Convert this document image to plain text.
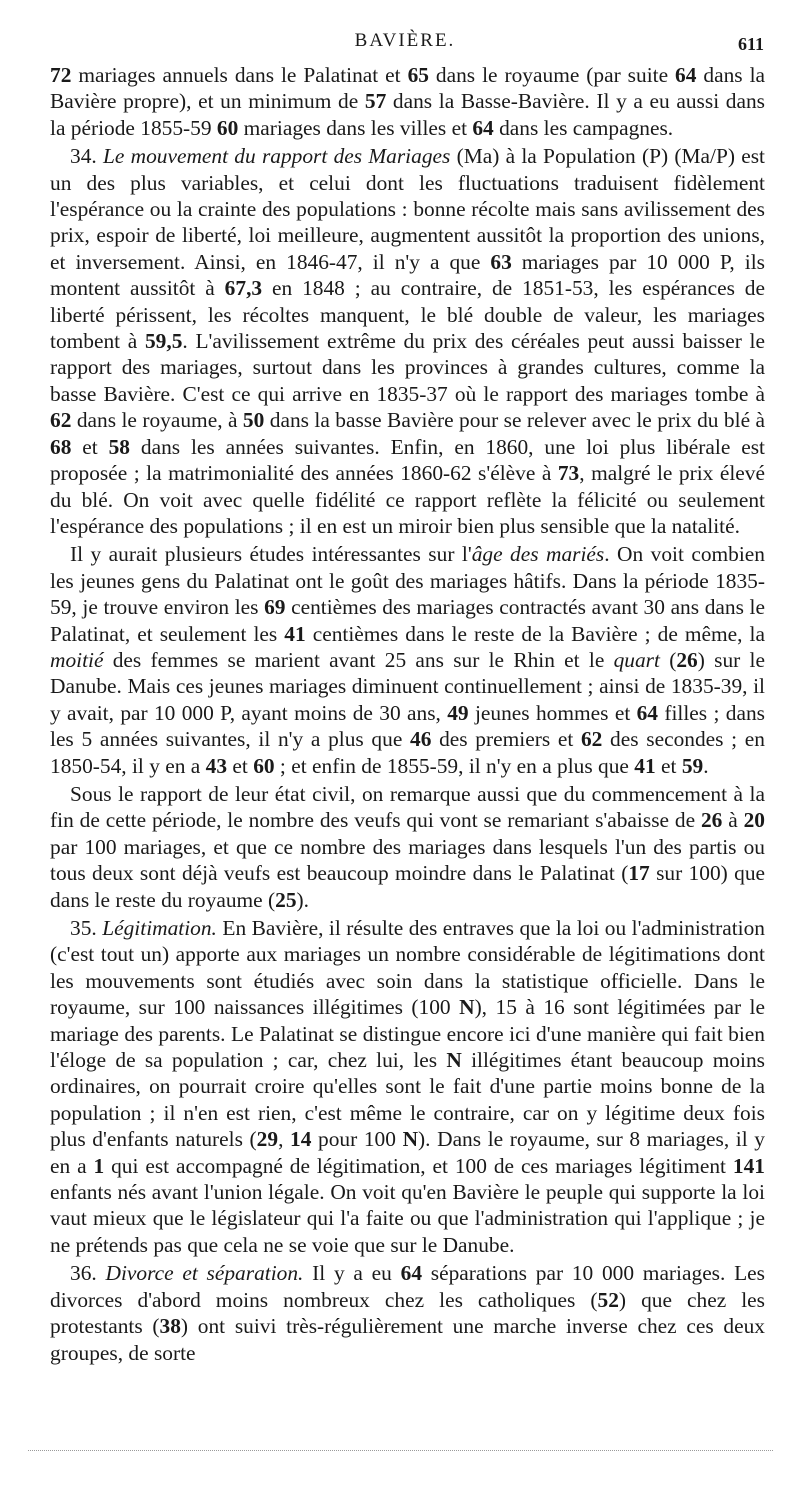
BAVIÈRE.	611

72 mariages annuels dans le Palatinat et 65 dans le royaume (par suite 64 dans la Bavière propre), et un minimum de 57 dans la Basse-Bavière. Il y a eu aussi dans la période 1855-59 60 mariages dans les villes et 64 dans les campagnes.

34. Le mouvement du rapport des Mariages (Ma) à la Population (P) (Ma/P) est un des plus variables, et celui dont les fluctuations traduisent fidèlement l'espérance ou la crainte des populations : bonne récolte mais sans avilissement des prix, espoir de liberté, loi meilleure, augmentent aussitôt la proportion des unions, et inversement. Ainsi, en 1846-47, il n'y a que 63 mariages par 10 000 P, ils montent aussitôt à 67,3 en 1848 ; au contraire, de 1851-53, les espérances de liberté périssent, les récoltes manquent, le blé double de valeur, les mariages tombent à 59,5. L'avilissement extrême du prix des céréales peut aussi baisser le rapport des mariages, surtout dans les provinces à grandes cultures, comme la basse Bavière. C'est ce qui arrive en 1835-37 où le rapport des mariages tombe à 62 dans le royaume, à 50 dans la basse Bavière pour se relever avec le prix du blé à 68 et 58 dans les années suivantes. Enfin, en 1860, une loi plus libérale est proposée ; la matrimonialité des années 1860-62 s'élève à 73, malgré le prix élevé du blé. On voit avec quelle fidélité ce rapport reflète la félicité ou seulement l'espérance des populations ; il en est un miroir bien plus sensible que la natalité.

Il y aurait plusieurs études intéressantes sur l'âge des mariés. On voit combien les jeunes gens du Palatinat ont le goût des mariages hâtifs. Dans la période 1835-59, je trouve environ les 69 centièmes des mariages contractés avant 30 ans dans le Palatinat, et seulement les 41 centièmes dans le reste de la Bavière ; de même, la moitié des femmes se marient avant 25 ans sur le Rhin et le quart (26) sur le Danube. Mais ces jeunes mariages diminuent continuellement ; ainsi de 1835-39, il y avait, par 10 000 P, ayant moins de 30 ans, 49 jeunes hommes et 64 filles ; dans les 5 années suivantes, il n'y a plus que 46 des premiers et 62 des secondes ; en 1850-54, il y en a 43 et 60 ; et enfin de 1855-59, il n'y en a plus que 41 et 59.

Sous le rapport de leur état civil, on remarque aussi que du commencement à la fin de cette période, le nombre des veufs qui vont se remariant s'abaisse de 26 à 20 par 100 mariages, et que ce nombre des mariages dans lesquels l'un des partis ou tous deux sont déjà veufs est beaucoup moindre dans le Palatinat (17 sur 100) que dans le reste du royaume (25).

35. Légitimation. En Bavière, il résulte des entraves que la loi ou l'administration (c'est tout un) apporte aux mariages un nombre considérable de légitimations dont les mouvements sont étudiés avec soin dans la statistique officielle. Dans le royaume, sur 100 naissances illégitimes (100 N), 15 à 16 sont légitimées par le mariage des parents. Le Palatinat se distingue encore ici d'une manière qui fait bien l'éloge de sa population ; car, chez lui, les N illégitimes étant beaucoup moins ordinaires, on pourrait croire qu'elles sont le fait d'une partie moins bonne de la population ; il n'en est rien, c'est même le contraire, car on y légitime deux fois plus d'enfants naturels (29, 14 pour 100 N). Dans le royaume, sur 8 mariages, il y en a 1 qui est accompagné de légitimation, et 100 de ces mariages légitiment 141 enfants nés avant l'union légale. On voit qu'en Bavière le peuple qui supporte la loi vaut mieux que le législateur qui l'a faite ou que l'administration qui l'applique ; je ne prétends pas que cela ne se voie que sur le Danube.

36. Divorce et séparation. Il y a eu 64 séparations par 10 000 mariages. Les divorces d'abord moins nombreux chez les catholiques (52) que chez les protestants (38) ont suivi très-régulièrement une marche inverse chez ces deux groupes, de sorte
